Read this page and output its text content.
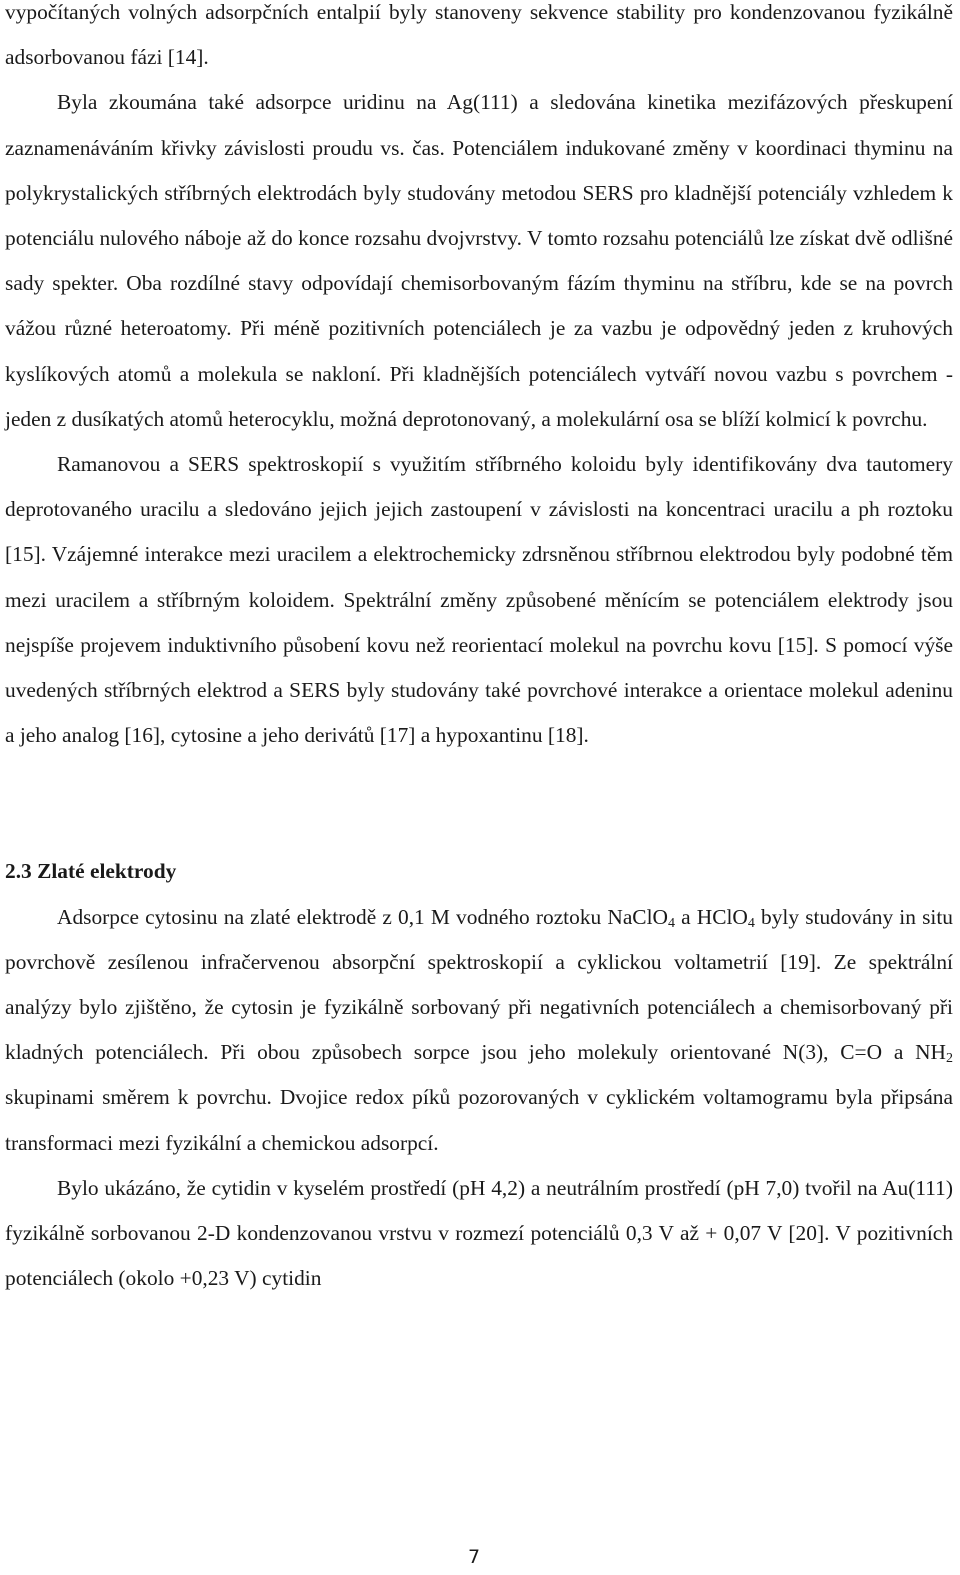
vypočítaných volných adsorpčních entalpií byly stanoveny sekvence stability pro kondenzovanou fyzikálně adsorbovanou fázi [14].

Byla zkoumána také adsorpce uridinu na Ag(111) a sledována kinetika mezifázových přeskupení zaznamenáváním křivky závislosti proudu vs. čas. Potenciálem indukované změny v koordinaci thyminu na polykrystalických stříbrných elektrodách byly studovány metodou SERS pro kladnější potenciály vzhledem k potenciálu nulového náboje až do konce rozsahu dvojvrstvy. V tomto rozsahu potenciálů lze získat dvě odlišné sady spekter. Oba rozdílné stavy odpovídají chemisorbovaným fázím thyminu na stříbru, kde se na povrch vážou různé heteroatomy. Při méně pozitivních potenciálech je za vazbu je odpovědný jeden z kruhových kyslíkových atomů a molekula se nakloní. Při kladnějších potenciálech vytváří novou vazbu s povrchem - jeden z dusíkatých atomů heterocyklu, možná deprotonovaný, a molekulární osa se blíží kolmicí k povrchu.

Ramanovou a SERS spektroskopií s využitím stříbrného koloidu byly identifikovány dva tautomery deprotovaného uracilu a sledováno jejich jejich zastoupení v závislosti na koncentraci uracilu a ph roztoku [15]. Vzájemné interakce mezi uracilem a elektrochemicky zdrsněnou stříbrnou elektrodou byly podobné těm mezi uracilem a stříbrným koloidem. Spektrální změny způsobené měnícím se potenciálem elektrody jsou nejspíše projevem induktivního působení kovu než reorientací molekul na povrchu kovu [15]. S pomocí výše uvedených stříbrných elektrod a SERS byly studovány také povrchové interakce a orientace molekul adeninu a jeho analog [16], cytosine a jeho derivátů [17] a hypoxantinu [18].

2.3 Zlaté elektrody

Adsorpce cytosinu na zlaté elektrodě z 0,1 M vodného roztoku NaClO$_4$ a HClO$_4$ byly studovány in situ povrchově zesílenou infračervenou absorpční spektroskopií a cyklickou voltametrií [19]. Ze spektrální analýzy bylo zjištěno, že cytosin je fyzikálně sorbovaný při negativních potenciálech a chemisorbovaný při kladných potenciálech. Při obou způsobech sorpce jsou jeho molekuly orientované N(3), C=O a $NH_2$ skupinami směrem k povrchu. Dvojice redox píků pozorovaných v cyklickém voltamogramu byla připsána transformaci mezi fyzikální a chemickou adsorpcí.

Bylo ukázáno, že cytidin v kyselém prostředí (pH 4,2) a neutrálním prostředí (pH 7,0) tvořil na Au(111) fyzikálně sorbovanou 2-D kondenzovanou vrstvu v rozmezí potenciálů 0,3 V až + 0,07 V [20]. V pozitivních potenciálech (okolo +0,23 V) cytidin

7
